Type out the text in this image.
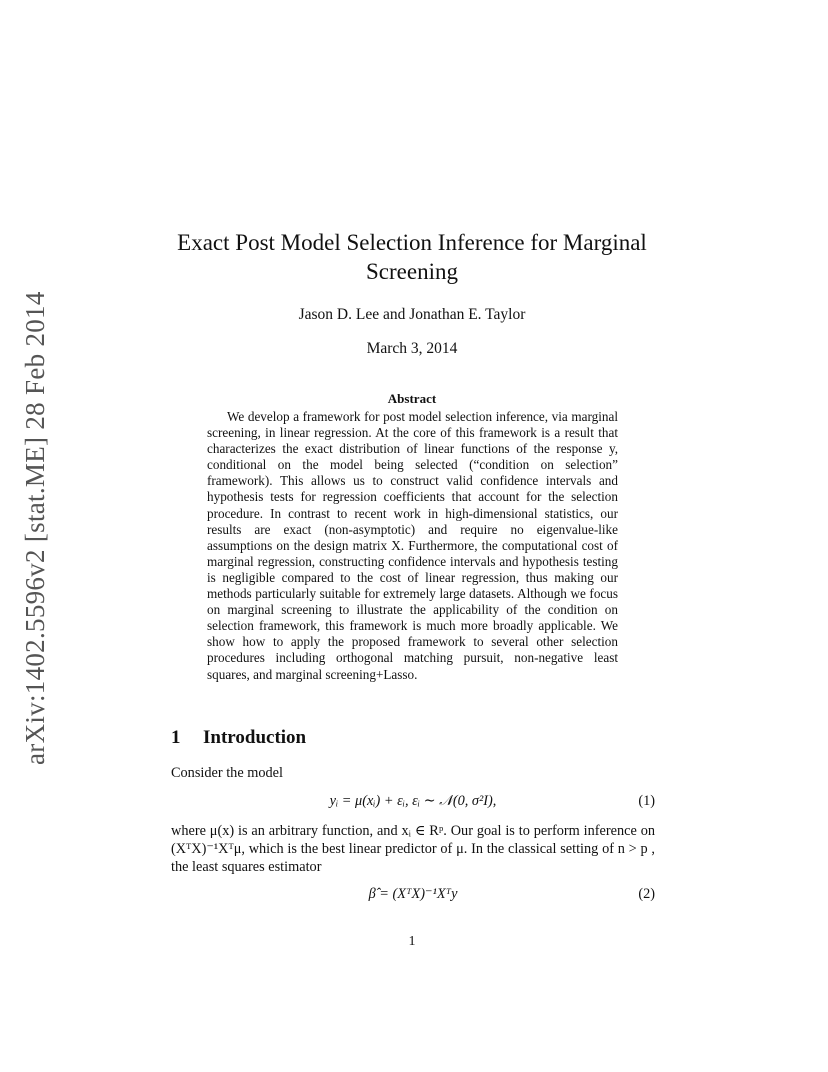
arXiv:1402.5596v2 [stat.ME] 28 Feb 2014
Exact Post Model Selection Inference for Marginal Screening
Jason D. Lee and Jonathan E. Taylor
March 3, 2014
Abstract
We develop a framework for post model selection inference, via marginal screening, in linear regression. At the core of this framework is a result that characterizes the exact distribution of linear functions of the response y, conditional on the model being selected (“condition on selection” framework). This allows us to construct valid confidence intervals and hypothesis tests for regression coefficients that account for the selection procedure. In contrast to recent work in high-dimensional statistics, our results are exact (non-asymptotic) and require no eigenvalue-like assumptions on the design matrix X. Furthermore, the computational cost of marginal regression, constructing confidence intervals and hypothesis testing is negligible compared to the cost of linear regression, thus making our methods particularly suitable for extremely large datasets. Although we focus on marginal screening to illustrate the applicability of the condition on selection framework, this framework is much more broadly applicable. We show how to apply the proposed framework to several other selection procedures including orthogonal matching pursuit, non-negative least squares, and marginal screening+Lasso.
1 Introduction
Consider the model
yᵢ = μ(xᵢ) + εᵢ, εᵢ ∼ 𝒩(0, σ²I),	(1)
where μ(x) is an arbitrary function, and xᵢ ∈ Rᵖ. Our goal is to perform inference on (XᵀX)⁻¹Xᵀμ, which is the best linear predictor of μ. In the classical setting of n > p , the least squares estimator
β̂ = (XᵀX)⁻¹Xᵀy	(2)
1
